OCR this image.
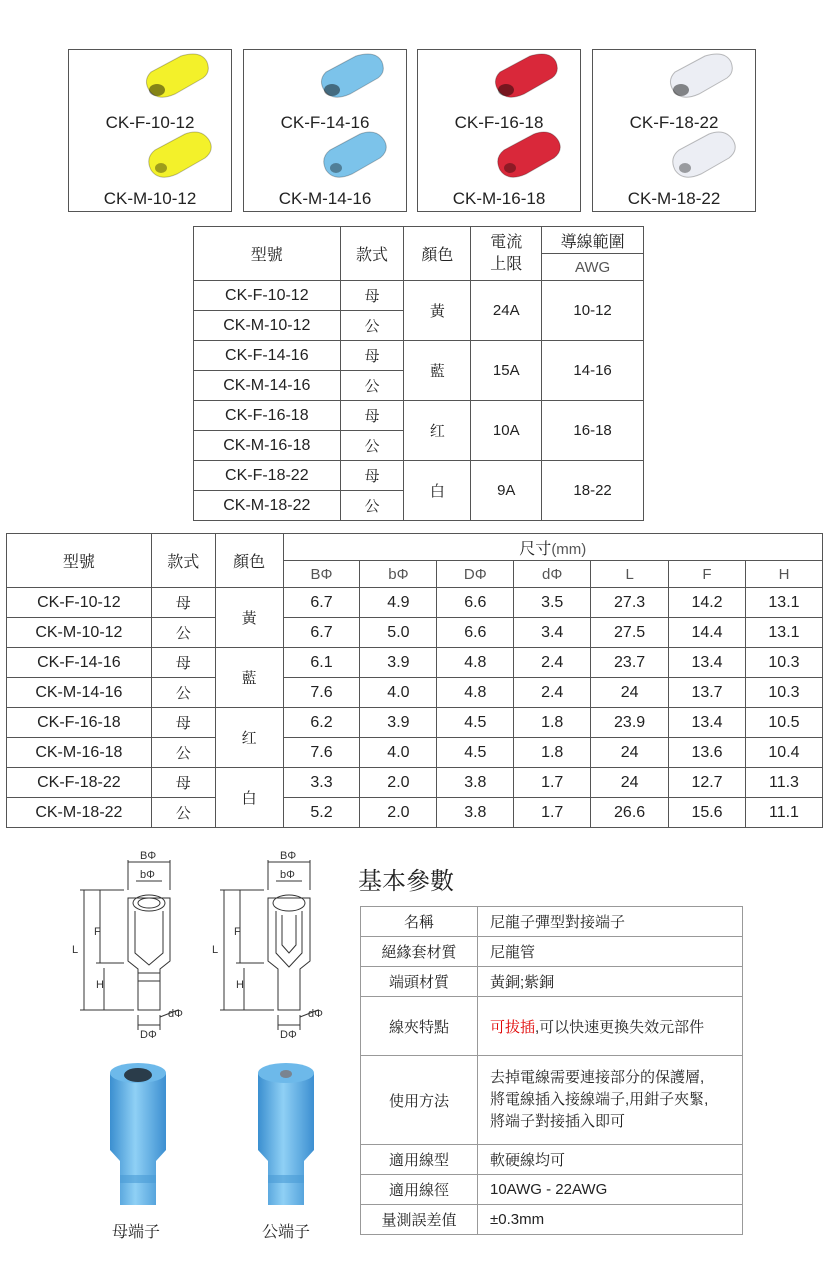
CK-F-10-12
CK-M-10-12
CK-F-14-16
CK-M-14-16
CK-F-16-18
CK-M-16-18
CK-F-18-22
CK-M-18-22
型號	款式	顏色	電流
上限	導線範圍
				AWG
CK-F-10-12	母	黃	24A	10-12
CK-M-10-12	公			
CK-F-14-16	母	藍	15A	14-16
CK-M-14-16	公			
CK-F-16-18	母	红	10A	16-18
CK-M-16-18	公			
CK-F-18-22	母	白	9A	18-22
CK-M-18-22	公			
型號	款式	顏色	尺寸(mm)						
			BΦ	bΦ	DΦ	dΦ	L	F	H
CK-F-10-12	母	黃	6.7	4.9	6.6	3.5	27.3	14.2	13.1
CK-M-10-12	公		6.7	5.0	6.6	3.4	27.5	14.4	13.1
CK-F-14-16	母	藍	6.1	3.9	4.8	2.4	23.7	13.4	10.3
CK-M-14-16	公		7.6	4.0	4.8	2.4	24	13.7	10.3
CK-F-16-18	母	红	6.2	3.9	4.5	1.8	23.9	13.4	10.5
CK-M-16-18	公		7.6	4.0	4.5	1.8	24	13.6	10.4
CK-F-18-22	母	白	3.3	2.0	3.8	1.7	24	12.7	11.3
CK-M-18-22	公		5.2	2.0	3.8	1.7	26.6	15.6	11.1
BΦ
bΦ
L
F
H
dΦ
DΦ
BΦ
bΦ
L
F
H
dΦ
DΦ
母端子	公端子
基本參數
名稱	尼龍子彈型對接端子
絕緣套材質	尼龍管
端頭材質	黃銅;紫銅
線夾特點	可拔插,可以快速更換失效元部件
使用方法	去掉電線需要連接部分的保護層,
將電線插入接線端子,用鉗子夾緊,
將端子對接插入即可
適用線型	軟硬線均可
適用線徑	10AWG - 22AWG
量測誤差值	±0.3mm
